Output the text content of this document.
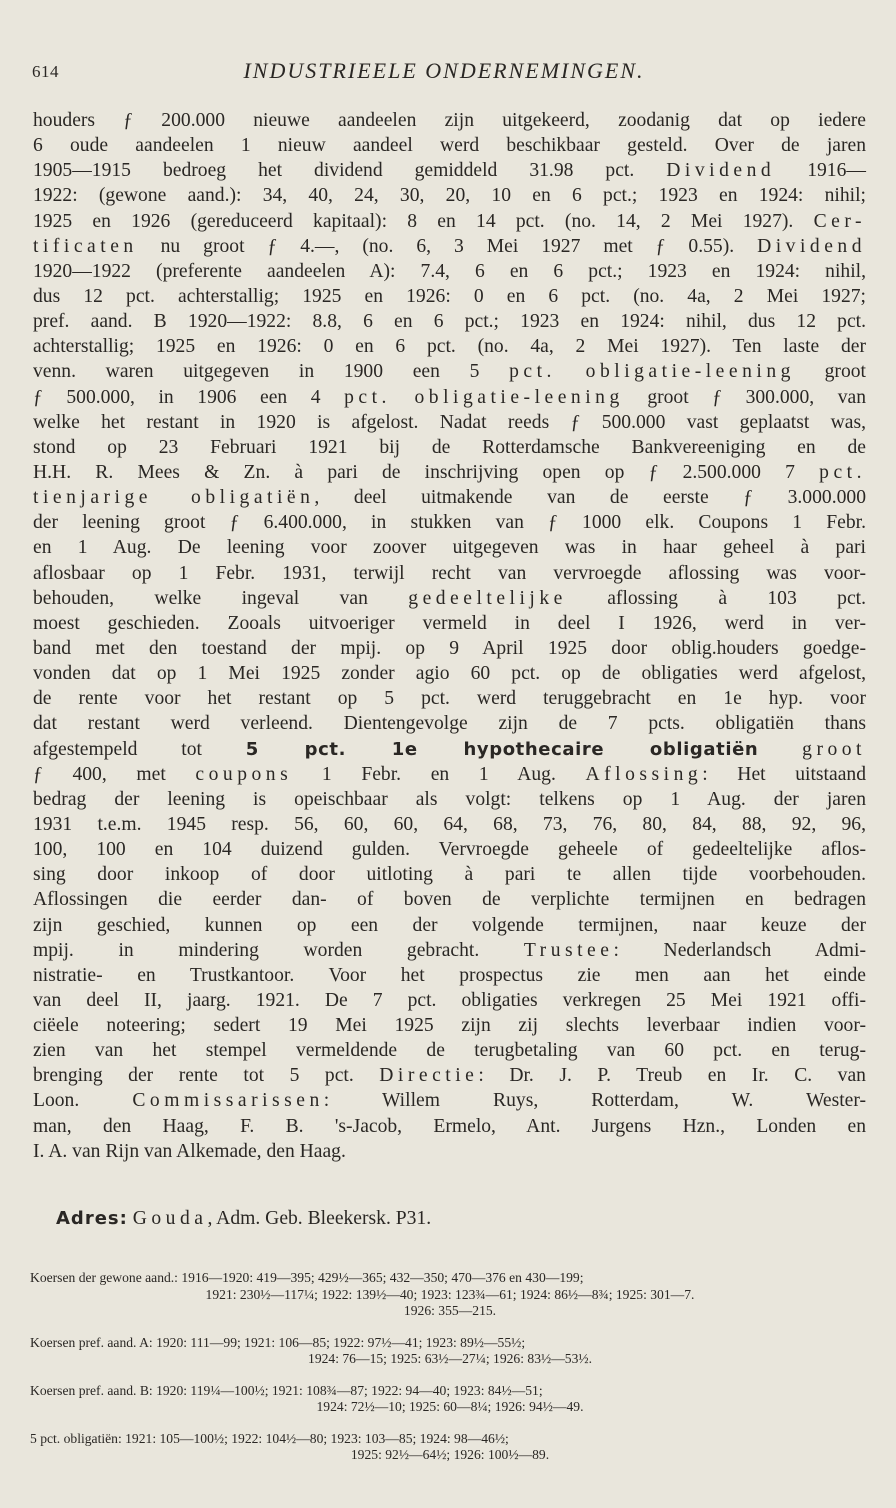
614	INDUSTRIEELE ONDERNEMINGEN.
houders ƒ 200.000 nieuwe aandeelen zijn uitgekeerd, zoodanig dat op iedere
6 oude aandeelen 1 nieuw aandeel werd beschikbaar gesteld. Over de jaren
1905—1915 bedroeg het dividend gemiddeld 31.98 pct. Dividend 1916—
1922: (gewone aand.): 34, 40, 24, 30, 20, 10 en 6 pct.; 1923 en 1924: nihil;
1925 en 1926 (gereduceerd kapitaal): 8 en 14 pct. (no. 14, 2 Mei 1927). Cer-
tificaten nu groot ƒ 4.—, (no. 6, 3 Mei 1927 met ƒ 0.55). Dividend
1920—1922 (preferente aandeelen A): 7.4, 6 en 6 pct.; 1923 en 1924: nihil,
dus 12 pct. achterstallig; 1925 en 1926: 0 en 6 pct. (no. 4a, 2 Mei 1927;
pref. aand. B 1920—1922: 8.8, 6 en 6 pct.; 1923 en 1924: nihil, dus 12 pct.
achterstallig; 1925 en 1926: 0 en 6 pct. (no. 4a, 2 Mei 1927). Ten laste der
venn. waren uitgegeven in 1900 een 5 pct. obligatie-leening groot
ƒ 500.000, in 1906 een 4 pct. obligatie-leening groot ƒ 300.000, van
welke het restant in 1920 is afgelost. Nadat reeds ƒ 500.000 vast geplaatst was,
stond op 23 Februari 1921 bij de Rotterdamsche Bankvereeniging en de
H.H. R. Mees & Zn. à pari de inschrijving open op ƒ 2.500.000 7 pct.
tienjarige obligatiën, deel uitmakende van de eerste ƒ 3.000.000
der leening groot ƒ 6.400.000, in stukken van ƒ 1000 elk. Coupons 1 Febr.
en 1 Aug. De leening voor zoover uitgegeven was in haar geheel à pari
aflosbaar op 1 Febr. 1931, terwijl recht van vervroegde aflossing was voor-
behouden, welke ingeval van gedeeltelijke aflossing à 103 pct.
moest geschieden. Zooals uitvoeriger vermeld in deel I 1926, werd in ver-
band met den toestand der mpij. op 9 April 1925 door oblig.houders goedge-
vonden dat op 1 Mei 1925 zonder agio 60 pct. op de obligaties werd afgelost,
de rente voor het restant op 5 pct. werd teruggebracht en 1e hyp. voor
dat restant werd verleend. Dientengevolge zijn de 7 pcts. obligatiën thans
afgestempeld tot 5 pct. 1e hypothecaire obligatiën groot
ƒ 400, met coupons 1 Febr. en 1 Aug. Aflossing: Het uitstaand
bedrag der leening is opeischbaar als volgt: telkens op 1 Aug. der jaren
1931 t.e.m. 1945 resp. 56, 60, 60, 64, 68, 73, 76, 80, 84, 88, 92, 96,
100, 100 en 104 duizend gulden. Vervroegde geheele of gedeeltelijke aflos-
sing door inkoop of door uitloting à pari te allen tijde voorbehouden.
Aflossingen die eerder dan- of boven de verplichte termijnen en bedragen
zijn geschied, kunnen op een der volgende termijnen, naar keuze der
mpij. in mindering worden gebracht. Trustee: Nederlandsch Admi-
nistratie- en Trustkantoor. Voor het prospectus zie men aan het einde
van deel II, jaarg. 1921. De 7 pct. obligaties verkregen 25 Mei 1921 offi-
ciëele noteering; sedert 19 Mei 1925 zijn zij slechts leverbaar indien voor-
zien van het stempel vermeldende de terugbetaling van 60 pct. en terug-
brenging der rente tot 5 pct. Directie: Dr. J. P. Treub en Ir. C. van
Loon. Commissarissen: Willem Ruys, Rotterdam, W. Wester-
man, den Haag, F. B. 's-Jacob, Ermelo, Ant. Jurgens Hzn., Londen en
I. A. van Rijn van Alkemade, den Haag.
Adres: Gouda, Adm. Geb. Bleekersk. P31.
Koersen der gewone aand.: 1916—1920: 419—395; 429½—365; 432—350; 470—376 en 430—199;
1921: 230½—117¼; 1922: 139½—40; 1923: 123¾—61; 1924: 86½—8¾; 1925: 301—7.
1926: 355—215.
Koersen pref. aand. A: 1920: 111—99; 1921: 106—85; 1922: 97½—41; 1923: 89½—55½;
1924: 76—15; 1925: 63½—27¼; 1926: 83½—53½.
Koersen pref. aand. B: 1920: 119¼—100½; 1921: 108¾—87; 1922: 94—40; 1923: 84½—51;
1924: 72½—10; 1925: 60—8¼; 1926: 94½—49.
5 pct. obligatiën: 1921: 105—100½; 1922: 104½—80; 1923: 103—85; 1924: 98—46½;
1925: 92½—64½; 1926: 100½—89.
